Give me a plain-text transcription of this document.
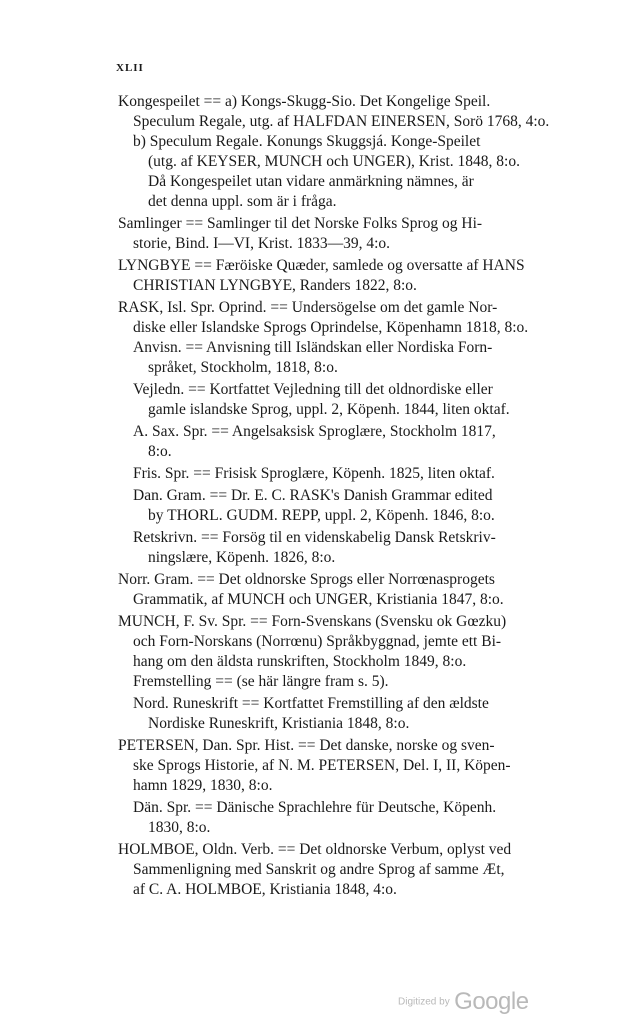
XLII
Kongespeilet == a) Kongs-Skugg-Sio. Det Kongelige Speil.
Speculum Regale, utg. af HALFDAN EINERSEN, Sorö 1768, 4:o.
b) Speculum Regale. Konungs Skuggsjá. Konge-Speilet
(utg. af KEYSER, MUNCH och UNGER), Krist. 1848, 8:o.
Då Kongespeilet utan vidare anmärkning nämnes, är
det denna uppl. som är i fråga.
Samlinger == Samlinger til det Norske Folks Sprog og Hi-
storie, Bind. I—VI, Krist. 1833—39, 4:o.
LYNGBYE == Færöiske Quæder, samlede og oversatte af HANS
CHRISTIAN LYNGBYE, Randers 1822, 8:o.
RASK, Isl. Spr. Oprind. == Undersögelse om det gamle Nor-
diske eller Islandske Sprogs Oprindelse, Köpenhamn 1818, 8:o.
Anvisn. == Anvisning till Isländskan eller Nordiska Forn-
språket, Stockholm, 1818, 8:o.
Vejledn. == Kortfattet Vejledning till det oldnordiske eller
gamle islandske Sprog, uppl. 2, Köpenh. 1844, liten oktaf.
A. Sax. Spr. == Angelsaksisk Sproglære, Stockholm 1817,
8:o.
Fris. Spr. == Frisisk Sproglære, Köpenh. 1825, liten oktaf.
Dan. Gram. == Dr. E. C. RASK's Danish Grammar edited
by THORL. GUDM. REPP, uppl. 2, Köpenh. 1846, 8:o.
Retskrivn. == Forsög til en videnskabelig Dansk Retskriv-
ningslære, Köpenh. 1826, 8:o.
Norr. Gram. == Det oldnorske Sprogs eller Norrœnasprogets
Grammatik, af MUNCH och UNGER, Kristiania 1847, 8:o.
MUNCH, F. Sv. Spr. == Forn-Svenskans (Svensku ok Gœzku)
och Forn-Norskans (Norrœnu) Språkbyggnad, jemte ett Bi-
hang om den äldsta runskriften, Stockholm 1849, 8:o.
Fremstelling == (se här längre fram s. 5).
Nord. Runeskrift == Kortfattet Fremstilling af den ældste
Nordiske Runeskrift, Kristiania 1848, 8:o.
PETERSEN, Dan. Spr. Hist. == Det danske, norske og sven-
ske Sprogs Historie, af N. M. PETERSEN, Del. I, II, Köpen-
hamn 1829, 1830, 8:o.
Dän. Spr. == Dänische Sprachlehre für Deutsche, Köpenh.
1830, 8:o.
HOLMBOE, Oldn. Verb. == Det oldnorske Verbum, oplyst ved
Sammenligning med Sanskrit og andre Sprog af samme Æt,
af C. A. HOLMBOE, Kristiania 1848, 4:o.
Digitized by Google
